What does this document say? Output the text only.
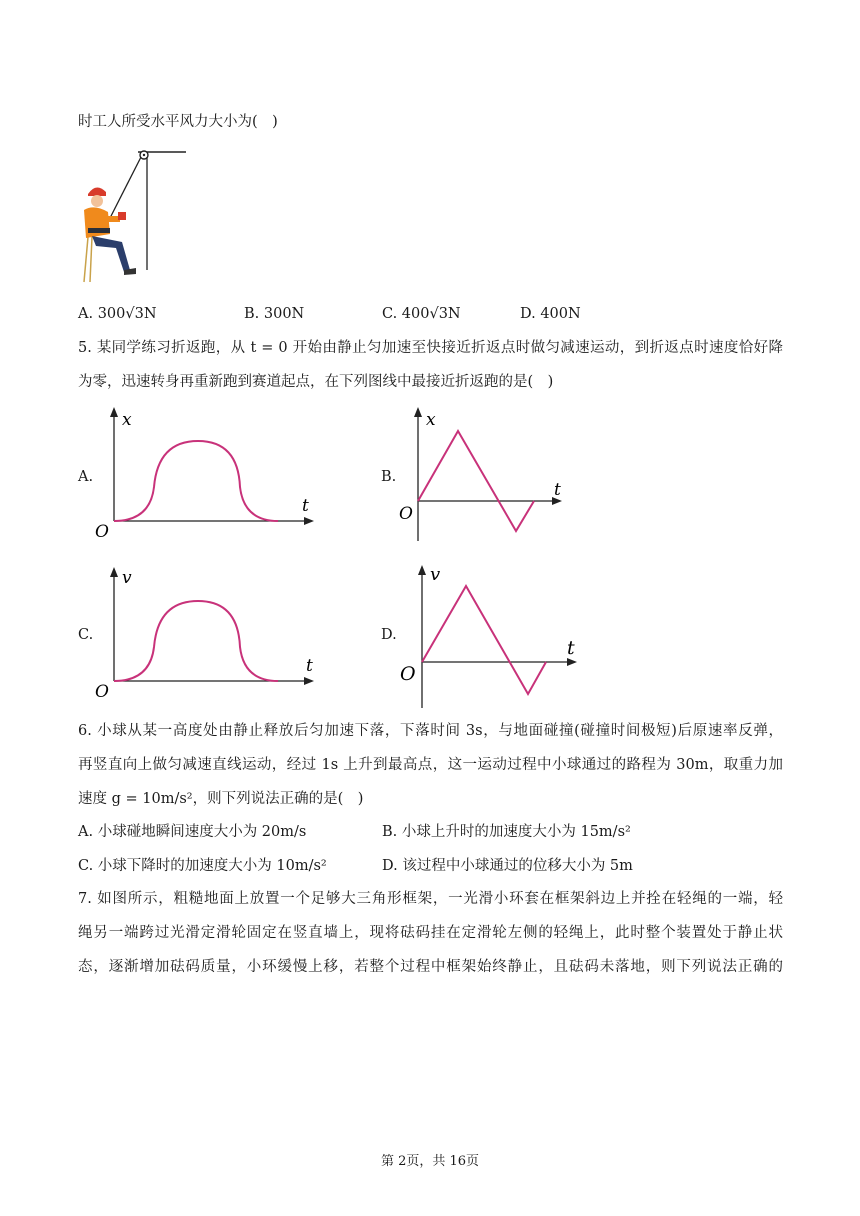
时工人所受水平风力大小为(　)
A. 300√3N	B. 300N	C. 400√3N	D. 400N
5. 某同学练习折返跑，从 t = 0 开始由静止匀加速至快接近折返点时做匀减速运动，到折返点时速度恰好降
为零，迅速转身再重新跑到赛道起点，在下列图线中最接近折返跑的是(　)
A.
x
t
O
B.
x
t
O
C.
v
t
O
D.
v
t
O
6. 小球从某一高度处由静止释放后匀加速下落，下落时间 3s，与地面碰撞(碰撞时间极短)后原速率反弹，
再竖直向上做匀减速直线运动，经过 1s 上升到最高点，这一运动过程中小球通过的路程为 30m，取重力加
速度 g = 10m/s²，则下列说法正确的是(　)
A. 小球碰地瞬间速度大小为 20m/s	B. 小球上升时的加速度大小为 15m/s²
C. 小球下降时的加速度大小为 10m/s²	D. 该过程中小球通过的位移大小为 5m
7. 如图所示，粗糙地面上放置一个足够大三角形框架，一光滑小环套在框架斜边上并拴在轻绳的一端，轻
绳另一端跨过光滑定滑轮固定在竖直墙上，现将砝码挂在定滑轮左侧的轻绳上，此时整个装置处于静止状
态，逐渐增加砝码质量，小环缓慢上移，若整个过程中框架始终静止，且砝码未落地，则下列说法正确的
第 2页，共 16页
